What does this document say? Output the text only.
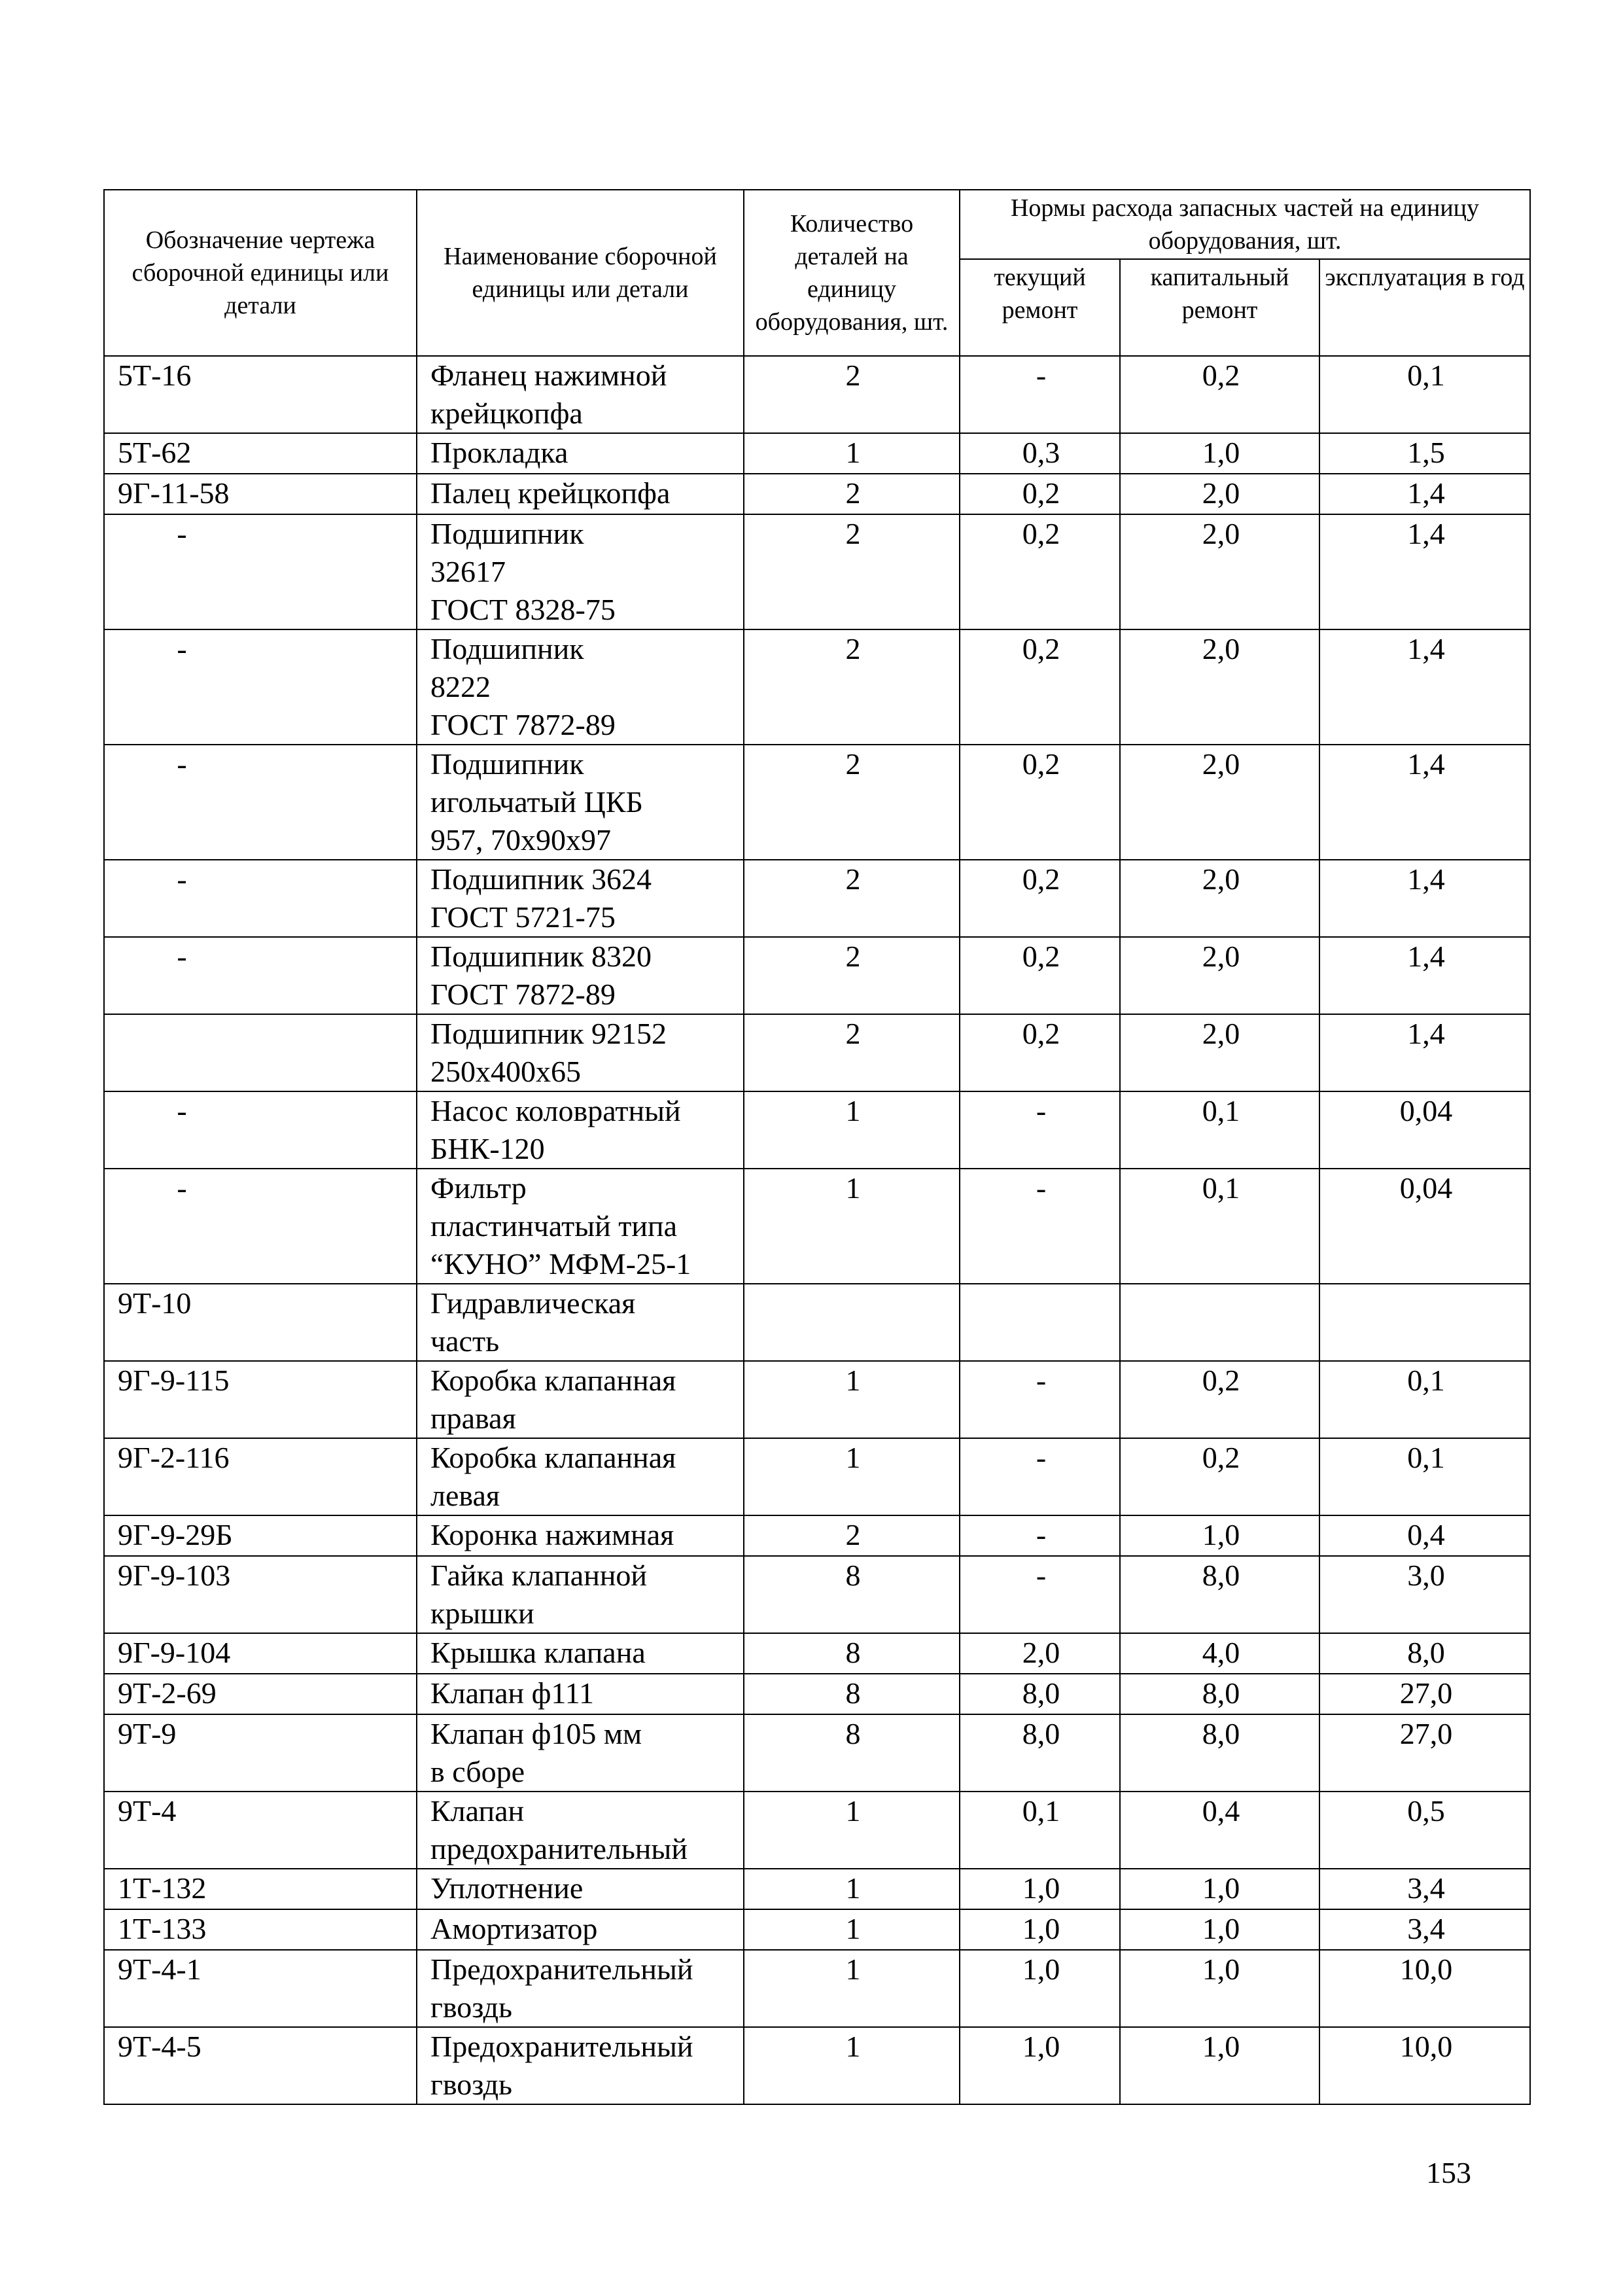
Обозначение чертежа сборочной единицы или детали	Наименование сборочной единицы или детали	Количество деталей на единицу оборудования, шт.	Нормы расхода запасных частей на единицу оборудования, шт.		
			текущий ремонт	капитальный ремонт	эксплуатация в год
5Т-16	Фланец нажимной крейцкопфа	2	-	0,2	0,1
5Т-62	Прокладка	1	0,3	1,0	1,5
9Г-11-58	Палец крейцкопфа	2	0,2	2,0	1,4
-	Подшипник
32617
ГОСТ 8328-75	2	0,2	2,0	1,4
-	Подшипник
8222
ГОСТ 7872-89	2	0,2	2,0	1,4
-	Подшипник
игольчатый ЦКБ
957, 70х90х97	2	0,2	2,0	1,4
-	Подшипник 3624
ГОСТ 5721-75	2	0,2	2,0	1,4
-	Подшипник 8320
ГОСТ 7872-89	2	0,2	2,0	1,4

	Подшипник 92152
250х400х65	2	0,2	2,0	1,4
-	Насос коловратный
БНК-120	1	-	0,1	0,04
-	Фильтр
пластинчатый типа
“КУНО” МФМ-25-1	1	-	0,1	0,04
9Т-10	Гидравлическая
часть				

9Г-9-115	Коробка клапанная
правая	1	-	0,2	0,1
9Г-2-116	Коробка клапанная
левая	1	-	0,2	0,1
9Г-9-29Б	Коронка нажимная	2	-	1,0	0,4
9Г-9-103	Гайка клапанной
крышки	8	-	8,0	3,0
9Г-9-104	Крышка клапана	8	2,0	4,0	8,0
9Т-2-69	Клапан ф111	8	8,0	8,0	27,0
9Т-9	Клапан ф105 мм
в сборе	8	8,0	8,0	27,0
9Т-4	Клапан
предохранительный	1	0,1	0,4	0,5
1Т-132	Уплотнение	1	1,0	1,0	3,4
1Т-133	Амортизатор	1	1,0	1,0	3,4
9Т-4-1	Предохранительный
гвоздь	1	1,0	1,0	10,0
9Т-4-5	Предохранительный
гвоздь	1	1,0	1,0	10,0
153
